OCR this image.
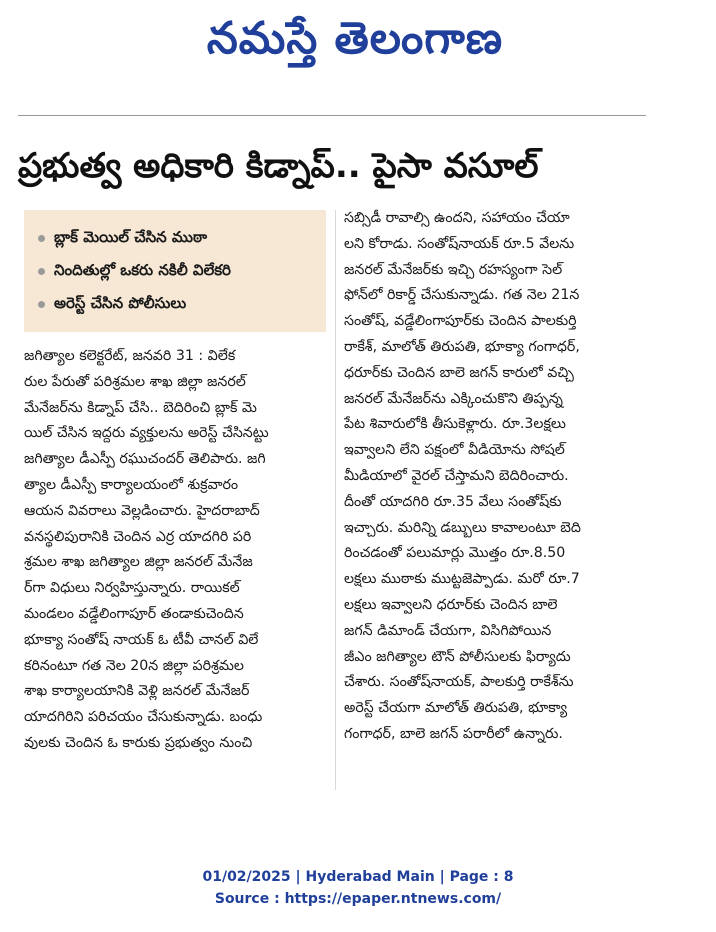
నమస్తే తెలంగాణ
ప్రభుత్వ అధికారి కిడ్నాప్.. పైసా వసూల్
బ్లాక్ మెయిల్ చేసిన ముఠా
నిందితుల్లో ఒకరు నకిలీ విలేకరి
అరెస్ట్ చేసిన పోలీసులు
జగిత్యాల కలెక్టరేట్, జనవరి 31 : విలేక
రుల పేరుతో పరిశ్రమల శాఖ జిల్లా జనరల్
మేనేజర్‌ను కిడ్నాప్ చేసి.. బెదిరించి బ్లాక్ మె
యిల్ చేసిన ఇద్దరు వ్యక్తులను అరెస్ట్ చేసినట్టు
జగిత్యాల డీఎస్పీ రఘుచందర్ తెలిపారు. జగి
త్యాల డీఎస్పీ కార్యాలయంలో శుక్రవారం
ఆయన వివరాలు వెల్లడించారు. హైదరాబాద్
వనస్థలిపురానికి చెందిన ఎర్ర యాదగిరి పరి
శ్రమల శాఖ జగిత్యాల జిల్లా జనరల్ మేనేజ
ర్‌గా విధులు నిర్వహిస్తున్నారు. రాయికల్
మండలం వడ్డేలింగాపూర్ తండాకుచెందిన
భూక్యా సంతోష్ నాయక్ ఓ టీవీ చానల్ విలే
కరినంటూ గత నెల 20న జిల్లా పరిశ్రమల
శాఖ కార్యాలయానికి వెళ్లి జనరల్ మేనేజర్
యాదగిరిని పరిచయం చేసుకున్నాడు. బంధు
వులకు చెందిన ఓ కారుకు ప్రభుత్వం నుంచి
సబ్సిడీ రావాల్సి ఉందని, సహాయం చేయా
లని కోరాడు. సంతోష్‌నాయక్ రూ.5 వేలను
జనరల్ మేనేజర్‌కు ఇచ్చి రహస్యంగా సెల్
ఫోన్‌లో రికార్డ్ చేసుకున్నాడు. గత నెల 21న
సంతోష్, వడ్డేలింగాపూర్‌కు చెందిన పాలకుర్తి
రాకేశ్, మాలోత్ తిరుపతి, భూక్యా గంగాధర్,
ధరూర్‌కు చెందిన బాలె జగన్ కారులో వచ్చి
జనరల్ మేనేజర్‌ను ఎక్కించుకొని తిప్పన్న
పేట శివారులోకి తీసుకెళ్లారు. రూ.3లక్షలు
ఇవ్వాలని లేని పక్షంలో వీడియోను సోషల్
మీడియాలో వైరల్ చేస్తామని బెదిరించారు.
దీంతో యాదగిరి రూ.35 వేలు సంతోష్‌కు
ఇచ్చారు. మరిన్ని డబ్బులు కావాలంటూ బెది
రించడంతో పలుమార్లు మొత్తం రూ.8.50
లక్షలు ముఠాకు ముట్టజెప్పాడు. మరో రూ.7
లక్షలు ఇవ్వాలని ధరూర్‌కు చెందిన బాలె
జగన్ డిమాండ్ చేయగా, విసిగిపోయిన
జీఎం జగిత్యాల టౌన్ పోలీసులకు ఫిర్యాదు
చేశారు. సంతోష్‌నాయక్, పాలకుర్తి రాకేశ్‌ను
అరెస్ట్ చేయగా మాలోత్ తిరుపతి, భూక్యా
గంగాధర్, బాలె జగన్ పరారీలో ఉన్నారు.
01/02/2025 | Hyderabad Main | Page : 8
Source : https://epaper.ntnews.com/
